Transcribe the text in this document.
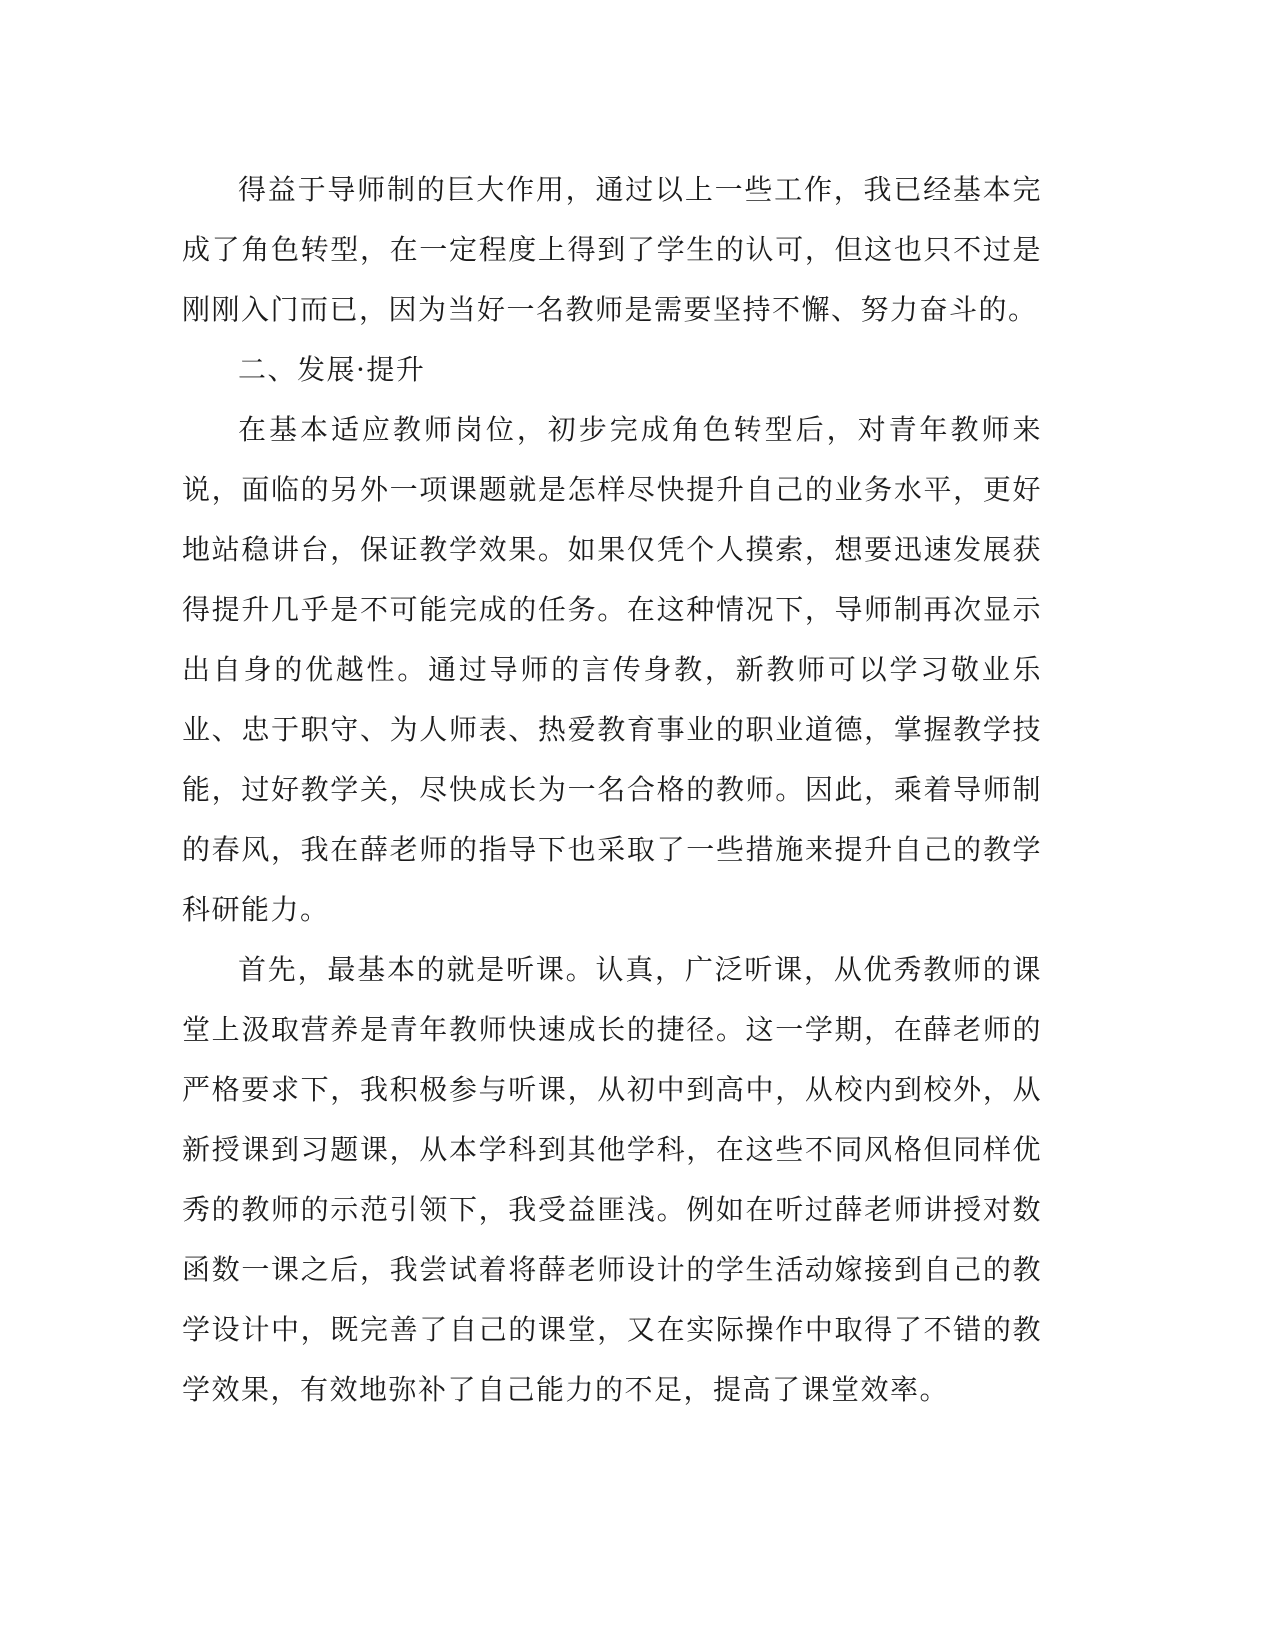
得益于导师制的巨大作用，通过以上一些工作，我已经基本完成了角色转型，在一定程度上得到了学生的认可，但这也只不过是刚刚入门而已，因为当好一名教师是需要坚持不懈、努力奋斗的。

二、发展·提升

在基本适应教师岗位，初步完成角色转型后，对青年教师来说，面临的另外一项课题就是怎样尽快提升自己的业务水平，更好地站稳讲台，保证教学效果。如果仅凭个人摸索，想要迅速发展获得提升几乎是不可能完成的任务。在这种情况下，导师制再次显示出自身的优越性。通过导师的言传身教，新教师可以学习敬业乐业、忠于职守、为人师表、热爱教育事业的职业道德，掌握教学技能，过好教学关，尽快成长为一名合格的教师。因此，乘着导师制的春风，我在薛老师的指导下也采取了一些措施来提升自己的教学科研能力。

首先，最基本的就是听课。认真，广泛听课，从优秀教师的课堂上汲取营养是青年教师快速成长的捷径。这一学期，在薛老师的严格要求下，我积极参与听课，从初中到高中，从校内到校外，从新授课到习题课，从本学科到其他学科，在这些不同风格但同样优秀的教师的示范引领下，我受益匪浅。例如在听过薛老师讲授对数函数一课之后，我尝试着将薛老师设计的学生活动嫁接到自己的教学设计中，既完善了自己的课堂，又在实际操作中取得了不错的教学效果，有效地弥补了自己能力的不足，提高了课堂效率。
